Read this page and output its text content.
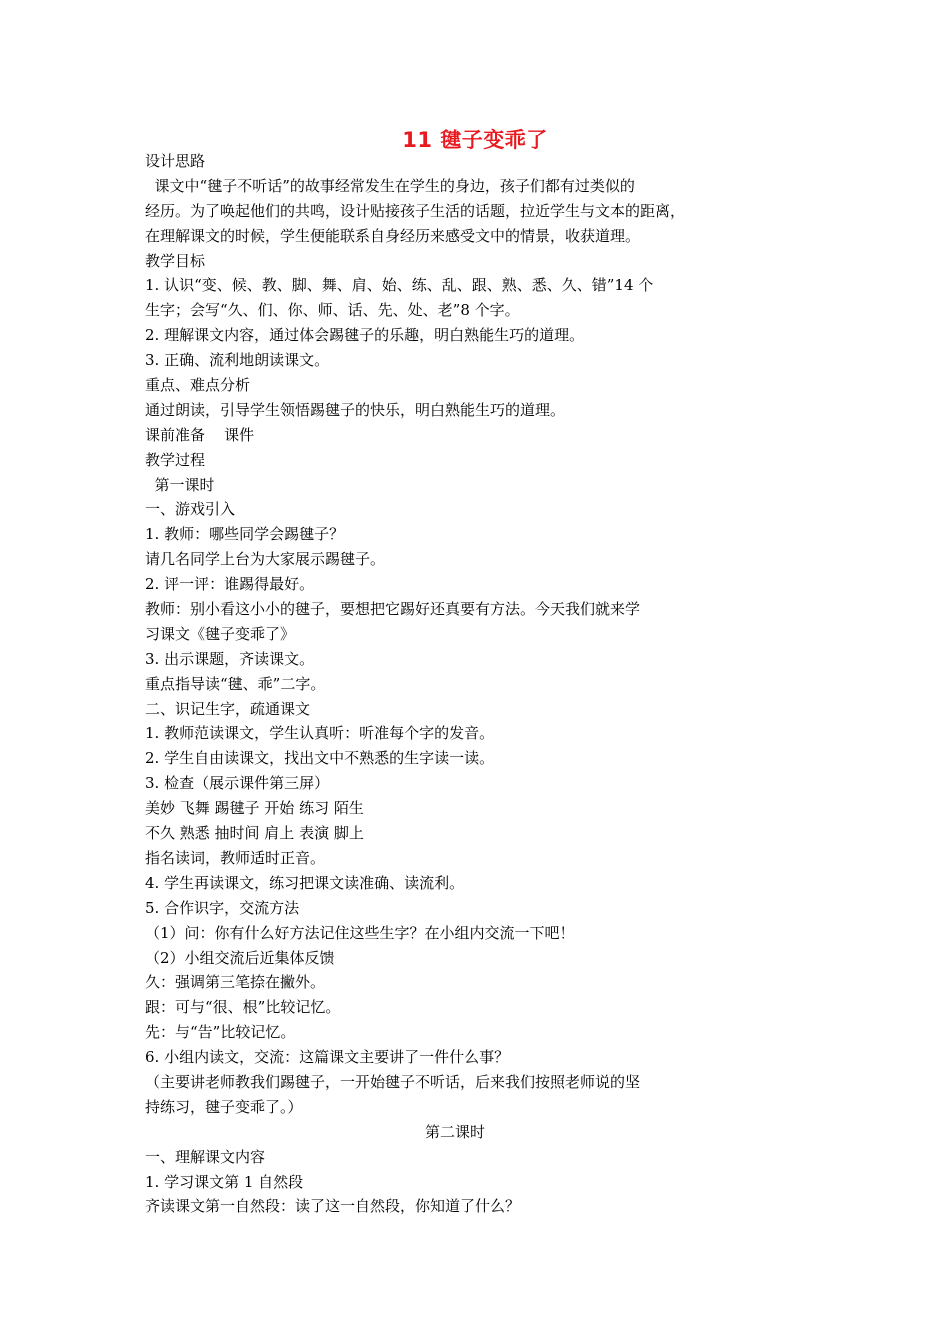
11 毽子变乖了
设计思路
课文中“毽子不听话”的故事经常发生在学生的身边，孩子们都有过类似的
经历。为了唤起他们的共鸣，设计贴接孩子生活的话题，拉近学生与文本的距离，
在理解课文的时候，学生便能联系自身经历来感受文中的情景，收获道理。
教学目标
1. 认识“变、候、教、脚、舞、肩、始、练、乱、跟、熟、悉、久、错”14 个
生字；会写“久、们、你、师、话、先、处、老”8 个字。
2. 理解课文内容，通过体会踢毽子的乐趣，明白熟能生巧的道理。
3. 正确、流利地朗读课文。
重点、难点分析
通过朗读，引导学生领悟踢毽子的快乐，明白熟能生巧的道理。
课前准备    课件
教学过程
第一课时
一、游戏引入
1. 教师：哪些同学会踢毽子？
请几名同学上台为大家展示踢毽子。
2. 评一评：谁踢得最好。
教师：别小看这小小的毽子，要想把它踢好还真要有方法。今天我们就来学
习课文《毽子变乖了》
3. 出示课题，齐读课文。
重点指导读“毽、乖”二字。
二、识记生字，疏通课文
1. 教师范读课文，学生认真听：听准每个字的发音。
2. 学生自由读课文，找出文中不熟悉的生字读一读。
3. 检查（展示课件第三屏）
美妙 飞舞 踢毽子 开始 练习 陌生
不久 熟悉 抽时间 肩上 表演 脚上
指名读词，教师适时正音。
4. 学生再读课文，练习把课文读准确、读流利。
5. 合作识字，交流方法
（1）问：你有什么好方法记住这些生字？在小组内交流一下吧！
（2）小组交流后近集体反馈
久：强调第三笔捺在撇外。
跟：可与“很、根”比较记忆。
先：与“告”比较记忆。
6. 小组内读文，交流：这篇课文主要讲了一件什么事？
（主要讲老师教我们踢毽子，一开始毽子不听话，后来我们按照老师说的坚
持练习，毽子变乖了。）
第二课时
一、理解课文内容
1. 学习课文第 1 自然段
齐读课文第一自然段：读了这一自然段，你知道了什么？
